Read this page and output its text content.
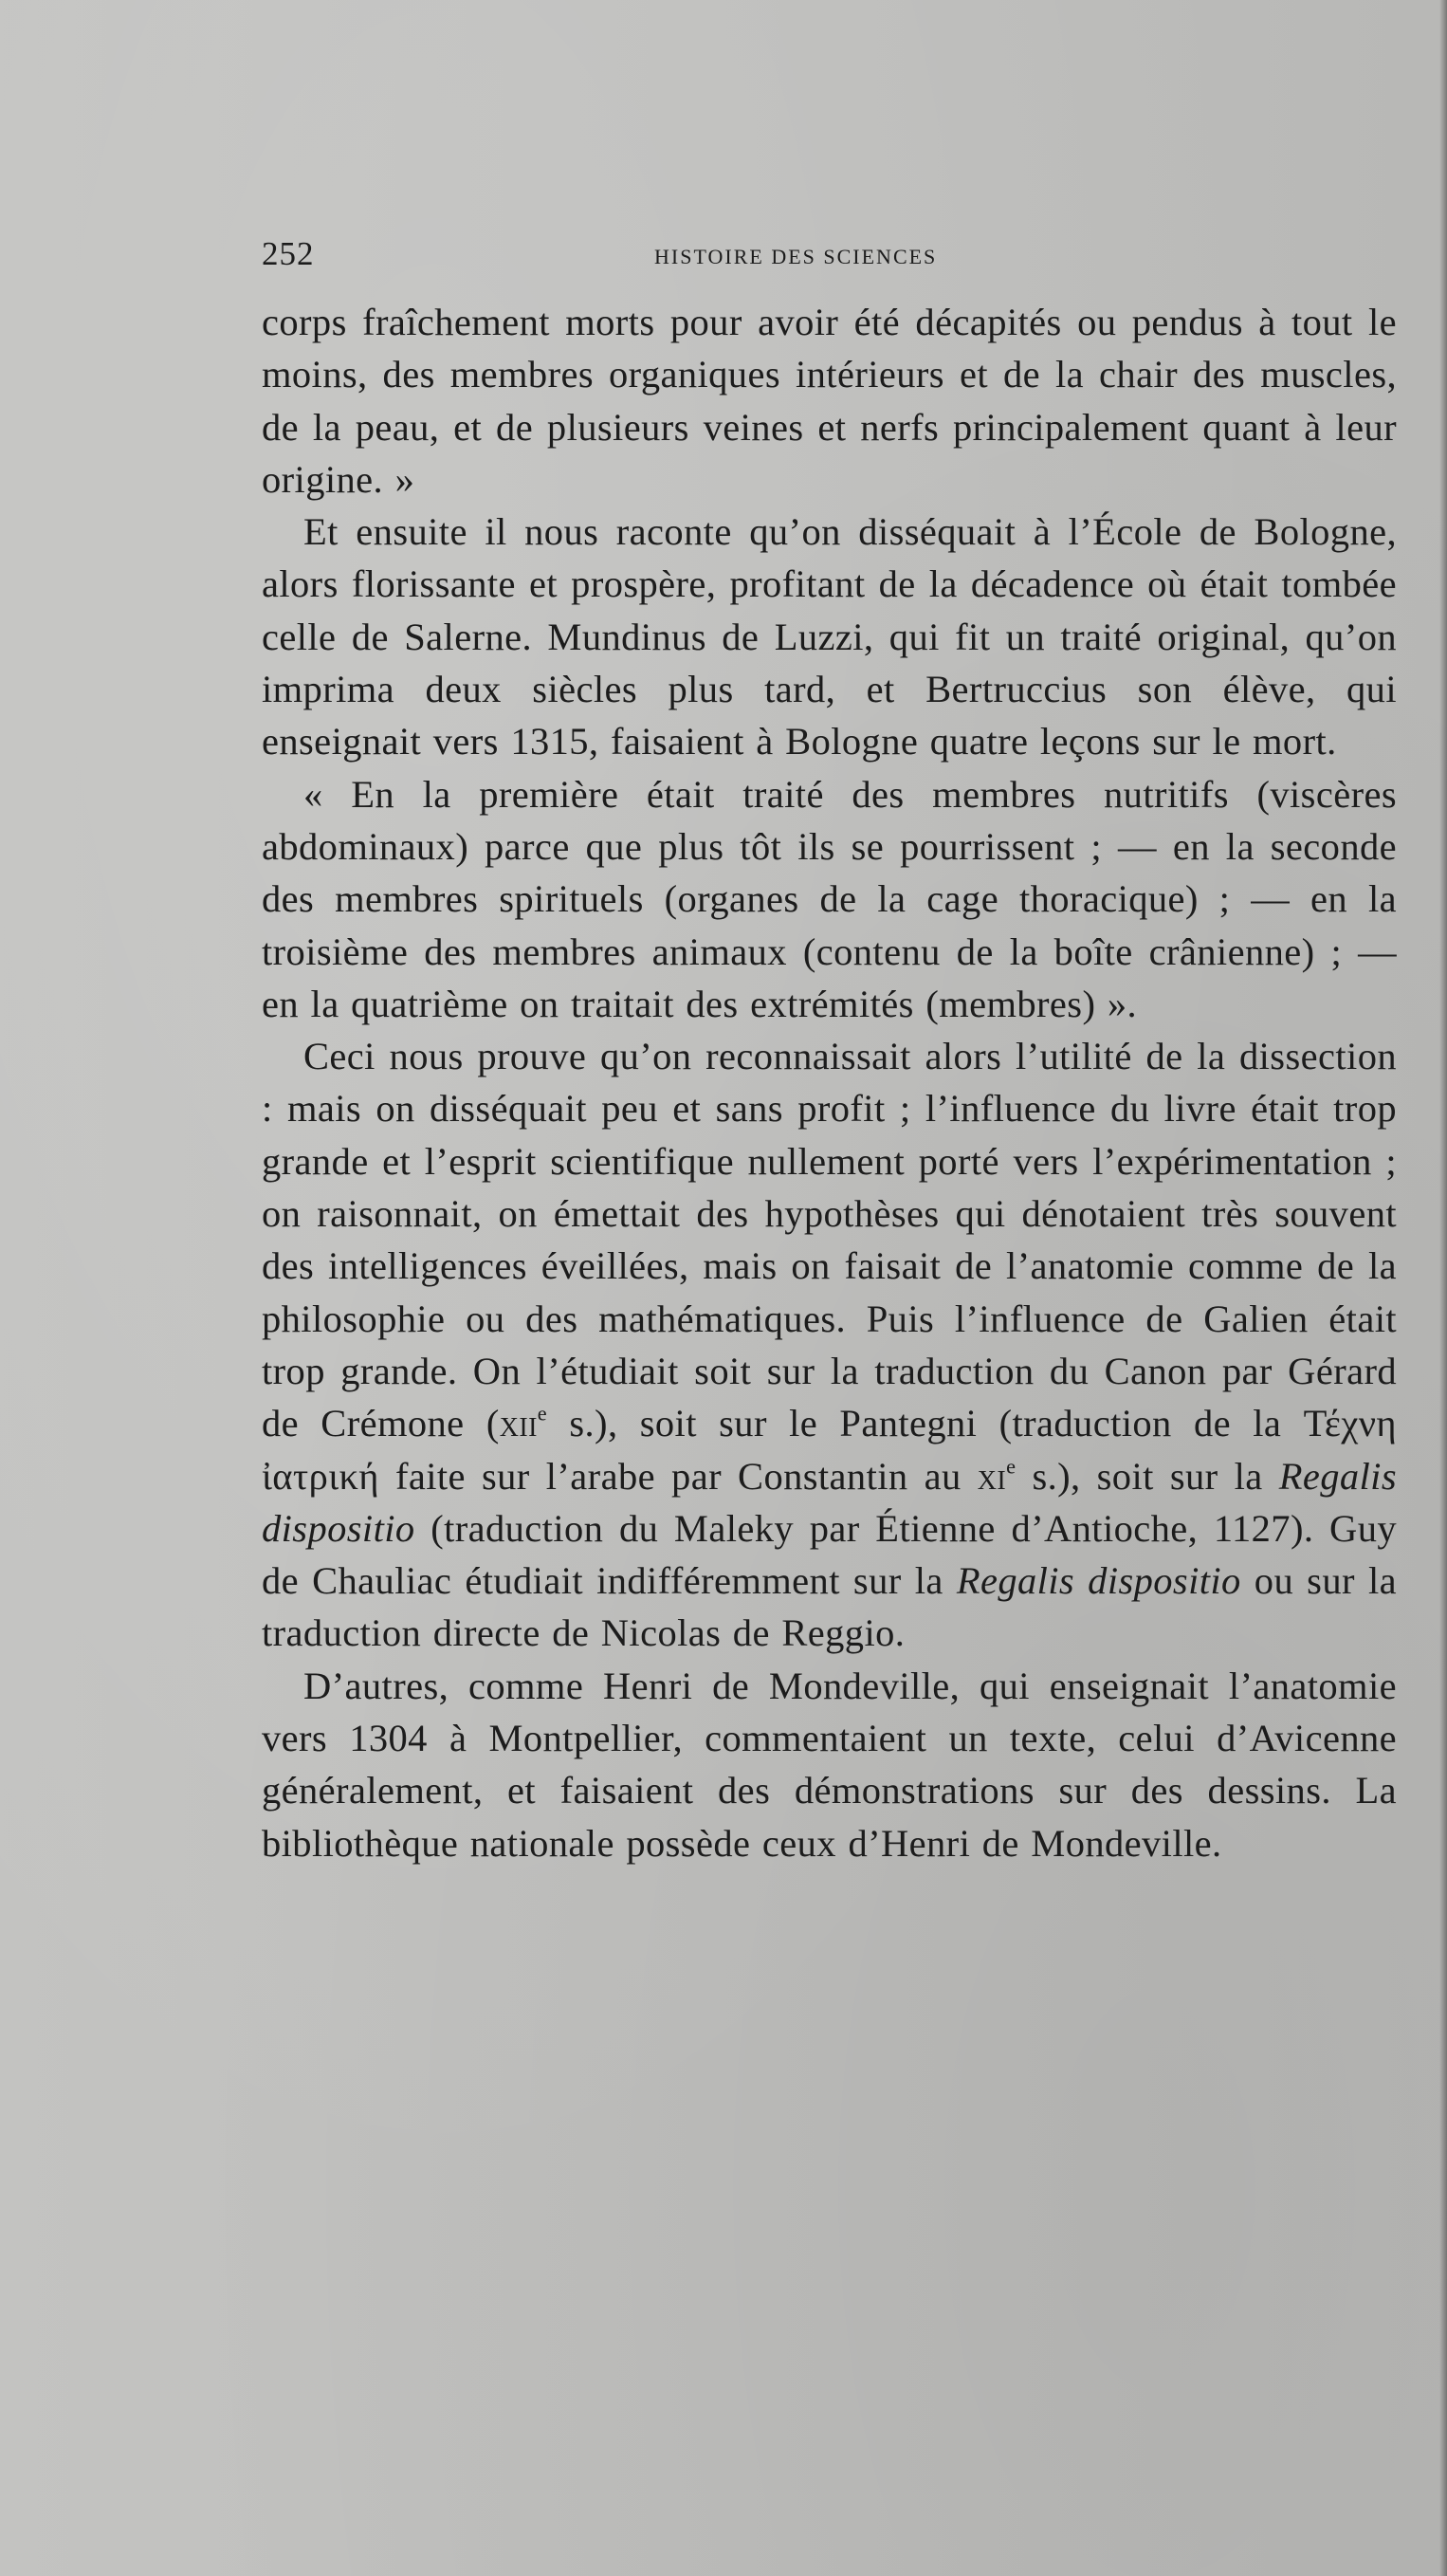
252	HISTOIRE DES SCIENCES

corps fraîchement morts pour avoir été décapités ou pendus à tout le moins, des membres organiques intérieurs et de la chair des muscles, de la peau, et de plusieurs veines et nerfs principalement quant à leur origine. »

Et ensuite il nous raconte qu’on disséquait à l’École de Bologne, alors florissante et prospère, profitant de la décadence où était tombée celle de Salerne. Mundinus de Luzzi, qui fit un traité original, qu’on imprima deux siècles plus tard, et Bertruccius son élève, qui enseignait vers 1315, faisaient à Bologne quatre leçons sur le mort.

« En la première était traité des membres nutritifs (viscères abdominaux) parce que plus tôt ils se pourrissent ; — en la seconde des membres spirituels (organes de la cage thoracique) ; — en la troisième des membres animaux (contenu de la boîte crânienne) ; — en la quatrième on traitait des extrémités (membres) ».

Ceci nous prouve qu’on reconnaissait alors l’utilité de la dissection : mais on disséquait peu et sans profit ; l’influence du livre était trop grande et l’esprit scientifique nullement porté vers l’expérimentation ; on raisonnait, on émettait des hypothèses qui dénotaient très souvent des intelligences éveillées, mais on faisait de l’anatomie comme de la philosophie ou des mathématiques. Puis l’influence de Galien était trop grande. On l’étudiait soit sur la traduction du Canon par Gérard de Crémone (xii$^e$ s.), soit sur le Pantegni (traduction de la Τέχνη ἰατρική faite sur l’arabe par Constantin au $xi^e$ s.), soit sur la Regalis dispositio (traduction du Maleky par Étienne d’Antioche, 1127). Guy de Chauliac étudiait indifféremment sur la Regalis dispositio ou sur la traduction directe de Nicolas de Reggio.

D’autres, comme Henri de Mondeville, qui enseignait l’anatomie vers 1304 à Montpellier, commentaient un texte, celui d’Avicenne généralement, et faisaient des démonstrations sur des dessins. La bibliothèque nationale possède ceux d’Henri de Mondeville.
